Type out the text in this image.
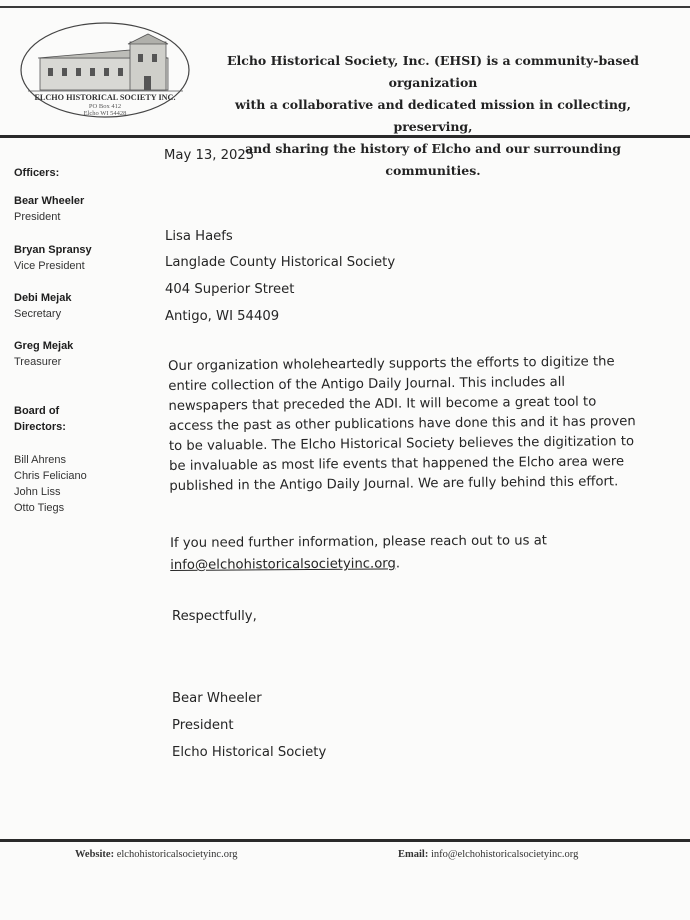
ELCHO HISTORICAL SOCIETY INC.
PO Box 412
Elcho WI 54428
Elcho Historical Society, Inc. (EHSI) is a community-based organization
with a collaborative and dedicated mission in collecting, preserving,
and sharing the history of Elcho and our surrounding communities.
Officers:
Bear Wheeler
President
Bryan Spransy
Vice President
Debi Mejak
Secretary
Greg Mejak
Treasurer
Board of
Directors:
Bill Ahrens
Chris Feliciano
John Liss
Otto Tiegs
May 13, 2025
Lisa Haefs
Langlade County Historical Society
404 Superior Street
Antigo, WI 54409
Our organization wholeheartedly supports the efforts to digitize the
entire collection of the Antigo Daily Journal. This includes all
newspapers that preceded the ADI. It will become a great tool to
access the past as other publications have done this and it has proven
to be valuable. The Elcho Historical Society believes the digitization to
be invaluable as most life events that happened the Elcho area were
published in the Antigo Daily Journal. We are fully behind this effort.
If you need further information, please reach out to us at
info@elchohistoricalsocietyinc.org.
Respectfully,
Bear Wheeler
President
Elcho Historical Society
Website: elchohistoricalsocietyinc.org	Email: info@elchohistoricalsocietyinc.org
